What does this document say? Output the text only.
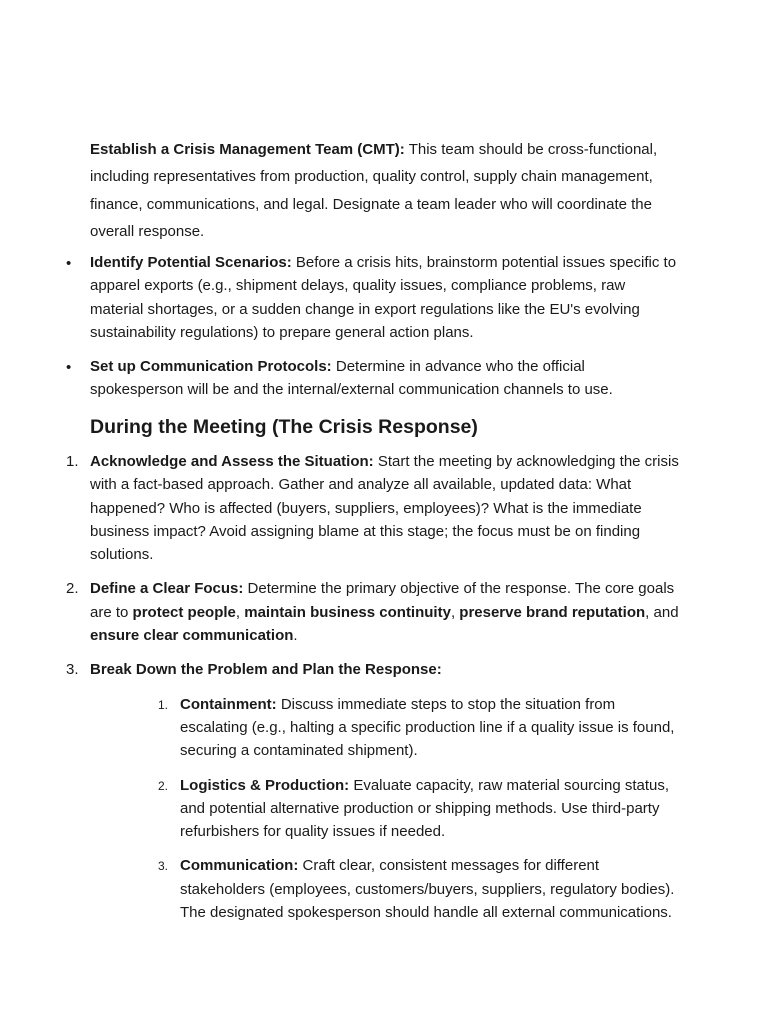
Establish a Crisis Management Team (CMT): This team should be cross-functional, including representatives from production, quality control, supply chain management, finance, communications, and legal. Designate a team leader who will coordinate the overall response.

• Identify Potential Scenarios: Before a crisis hits, brainstorm potential issues specific to apparel exports (e.g., shipment delays, quality issues, compliance problems, raw material shortages, or a sudden change in export regulations like the EU's evolving sustainability regulations) to prepare general action plans.
• Set up Communication Protocols: Determine in advance who the official spokesperson will be and the internal/external communication channels to use.
During the Meeting (The Crisis Response)
1. Acknowledge and Assess the Situation: Start the meeting by acknowledging the crisis with a fact-based approach. Gather and analyze all available, updated data: What happened? Who is affected (buyers, suppliers, employees)? What is the immediate business impact? Avoid assigning blame at this stage; the focus must be on finding solutions.
2. Define a Clear Focus: Determine the primary objective of the response. The core goals are to protect people, maintain business continuity, preserve brand reputation, and ensure clear communication.
3. Break Down the Problem and Plan the Response:
1. Containment: Discuss immediate steps to stop the situation from escalating (e.g., halting a specific production line if a quality issue is found, securing a contaminated shipment).
2. Logistics & Production: Evaluate capacity, raw material sourcing status, and potential alternative production or shipping methods. Use third-party refurbishers for quality issues if needed.
3. Communication: Craft clear, consistent messages for different stakeholders (employees, customers/buyers, suppliers, regulatory bodies). The designated spokesperson should handle all external communications.
